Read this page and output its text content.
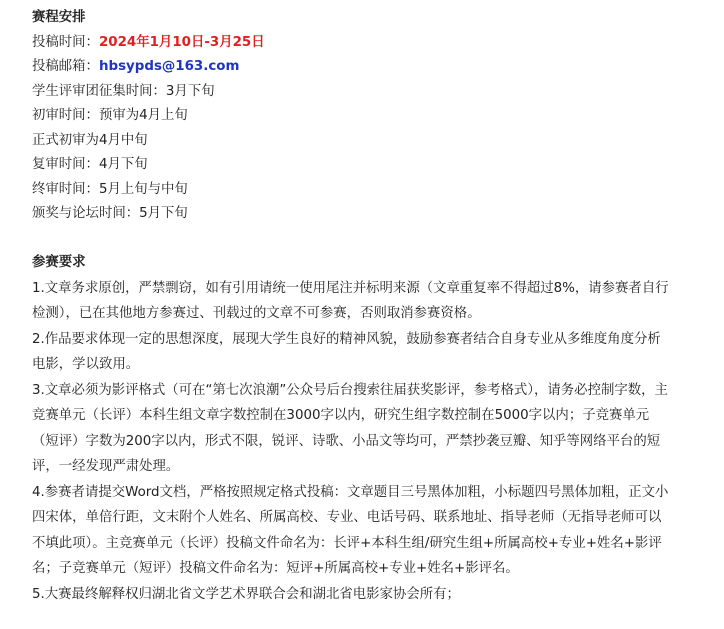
赛程安排
投稿时间：2024年1月10日-3月25日
投稿邮箱：hbsypds@163.com
学生评审团征集时间：3月下旬
初审时间：预审为4月上旬
正式初审为4月中旬
复审时间：4月下旬
终审时间：5月上旬与中旬
颁奖与论坛时间：5月下旬
参赛要求
1.文章务求原创，严禁剽窃，如有引用请统一使用尾注并标明来源（文章重复率不得超过8%，请参赛者自行检测），已在其他地方参赛过、刊载过的文章不可参赛，否则取消参赛资格。
2.作品要求体现一定的思想深度，展现大学生良好的精神风貌，鼓励参赛者结合自身专业从多维度角度分析电影，学以致用。
3.文章必须为影评格式（可在“第七次浪潮”公众号后台搜索往届获奖影评，参考格式），请务必控制字数，主竞赛单元（长评）本科生组文章字数控制在3000字以内，研究生组字数控制在5000字以内；子竞赛单元（短评）字数为200字以内，形式不限，锐评、诗歌、小品文等均可，严禁抄袭豆瓣、知乎等网络平台的短评，一经发现严肃处理。
4.参赛者请提交Word文档，严格按照规定格式投稿：文章题目三号黑体加粗，小标题四号黑体加粗，正文小四宋体，单倍行距，文末附个人姓名、所属高校、专业、电话号码、联系地址、指导老师（无指导老师可以不填此项）。主竞赛单元（长评）投稿文件命名为：长评+本科生组/研究生组+所属高校+专业+姓名+影评名；子竞赛单元（短评）投稿文件命名为：短评+所属高校+专业+姓名+影评名。
5.大赛最终解释权归湖北省文学艺术界联合会和湖北省电影家协会所有；
